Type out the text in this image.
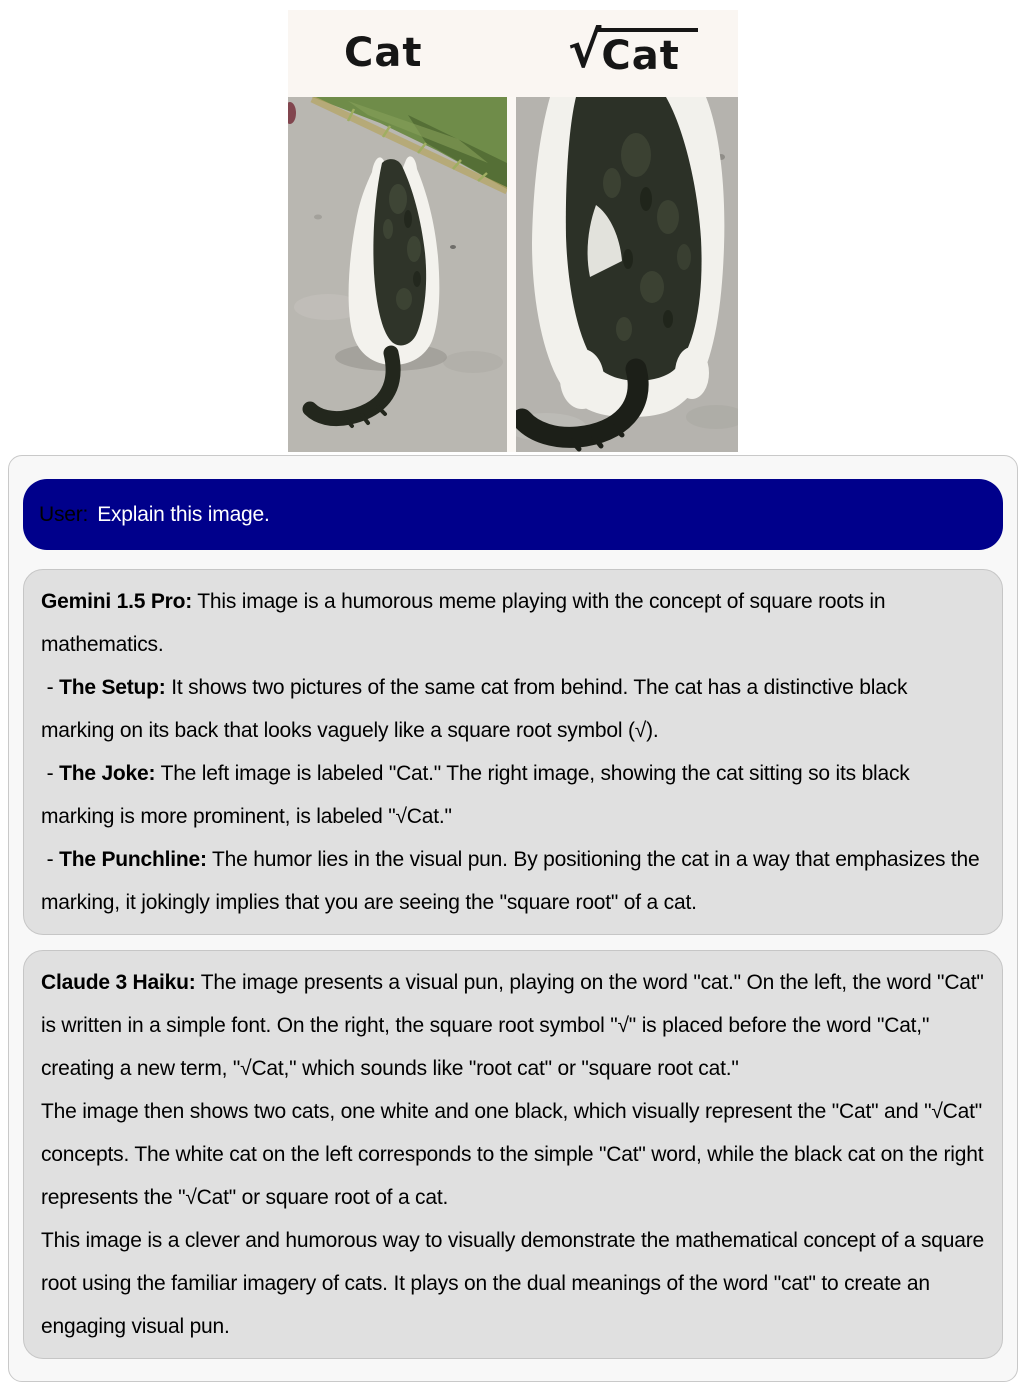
Cat	√ Cat
User: Explain this image.

Gemini 1.5 Pro: This image is a humorous meme playing with the concept of square roots in mathematics.

- The Setup: It shows two pictures of the same cat from behind. The cat has a distinctive black marking on its back that looks vaguely like a square root symbol (√).

- The Joke: The left image is labeled "Cat." The right image, showing the cat sitting so its black marking is more prominent, is labeled "√Cat."

- The Punchline: The humor lies in the visual pun. By positioning the cat in a way that emphasizes the marking, it jokingly implies that you are seeing the "square root" of a cat.

Claude 3 Haiku: The image presents a visual pun, playing on the word "cat." On the left, the word "Cat" is written in a simple font. On the right, the square root symbol "√" is placed before the word "Cat," creating a new term, "√Cat," which sounds like "root cat" or "square root cat."

The image then shows two cats, one white and one black, which visually represent the "Cat" and "√Cat" concepts. The white cat on the left corresponds to the simple "Cat" word, while the black cat on the right represents the "√Cat" or square root of a cat.

This image is a clever and humorous way to visually demonstrate the mathematical concept of a square root using the familiar imagery of cats. It plays on the dual meanings of the word "cat" to create an engaging visual pun.
